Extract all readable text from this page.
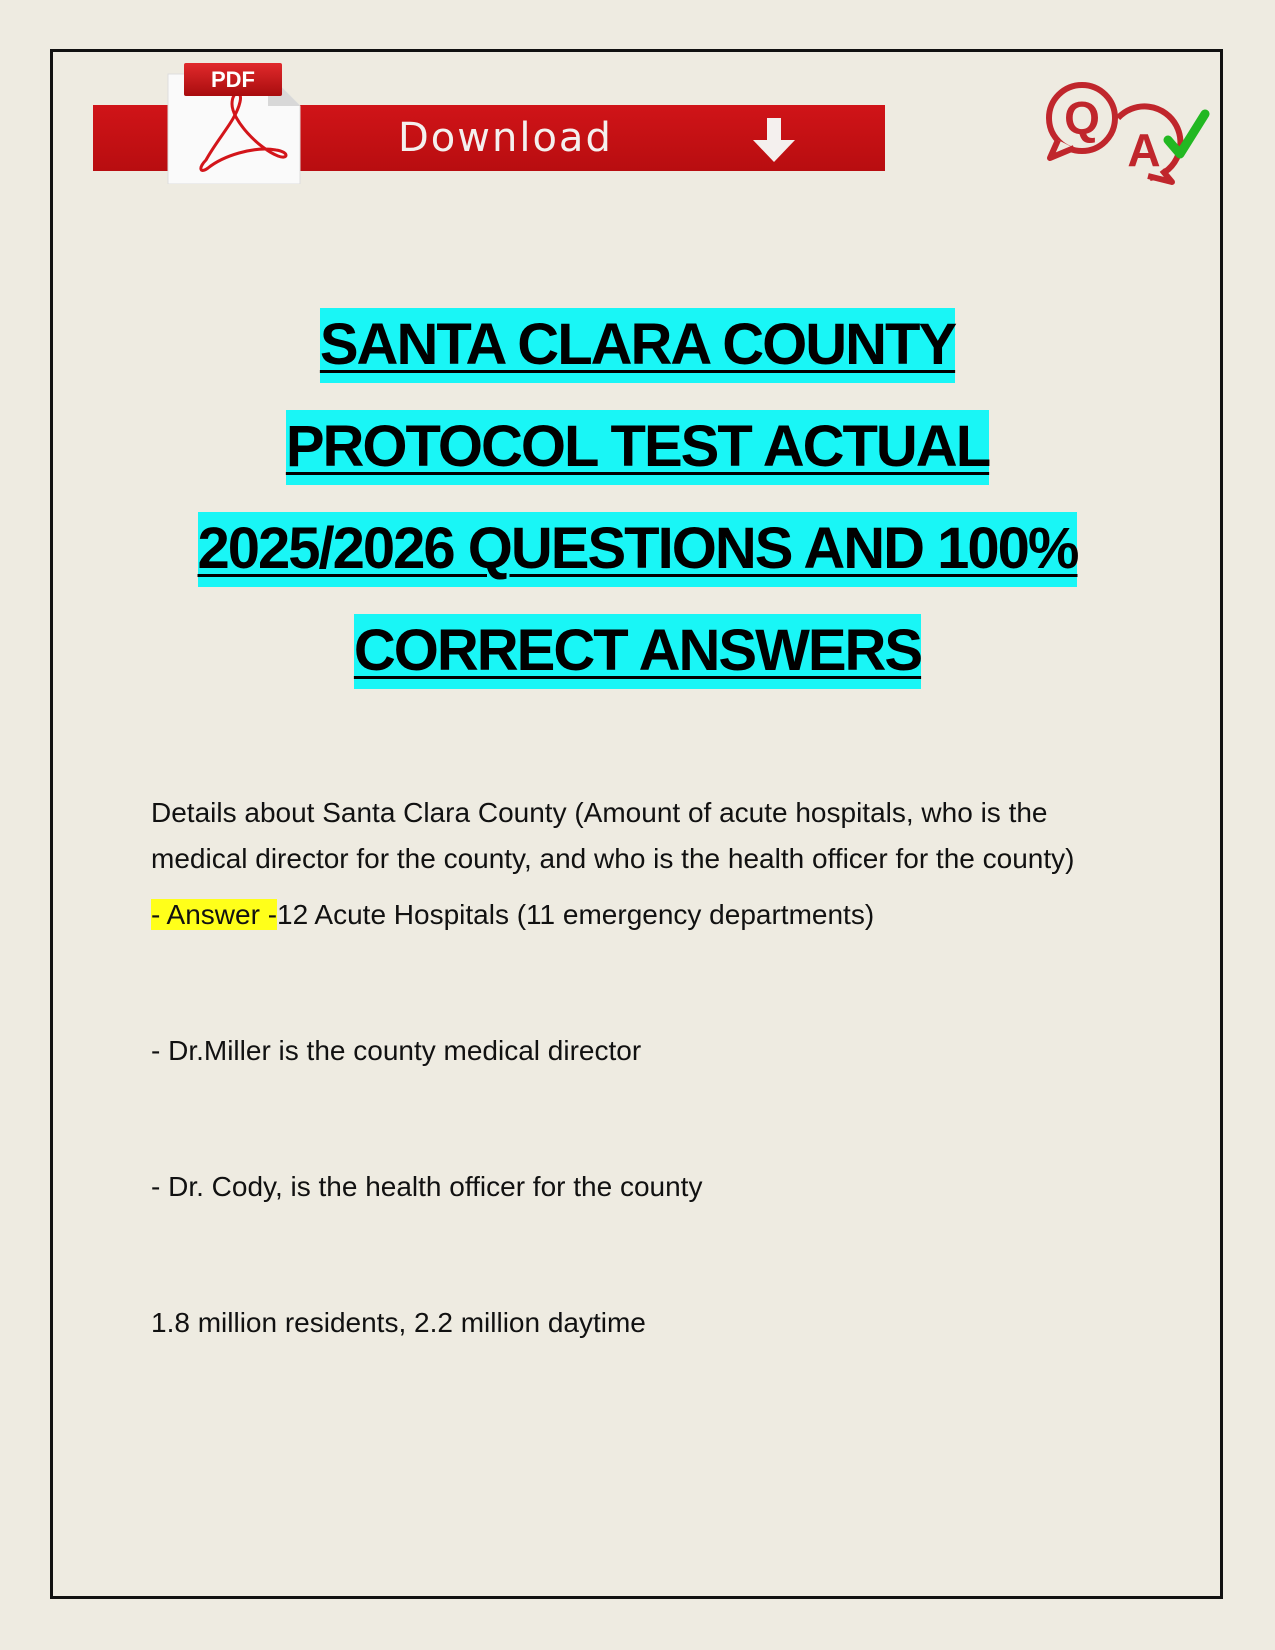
PDF
Download	Q
A
SANTA CLARA COUNTY
PROTOCOL TEST ACTUAL
2025/2026 QUESTIONS AND 100%
CORRECT ANSWERS

Details about Santa Clara County (Amount of acute hospitals, who is the medical director for the county, and who is the health officer for the county)

- Answer -12 Acute Hospitals (11 emergency departments)

- Dr.Miller is the county medical director

- Dr. Cody, is the health officer for the county

1.8 million residents, 2.2 million daytime
